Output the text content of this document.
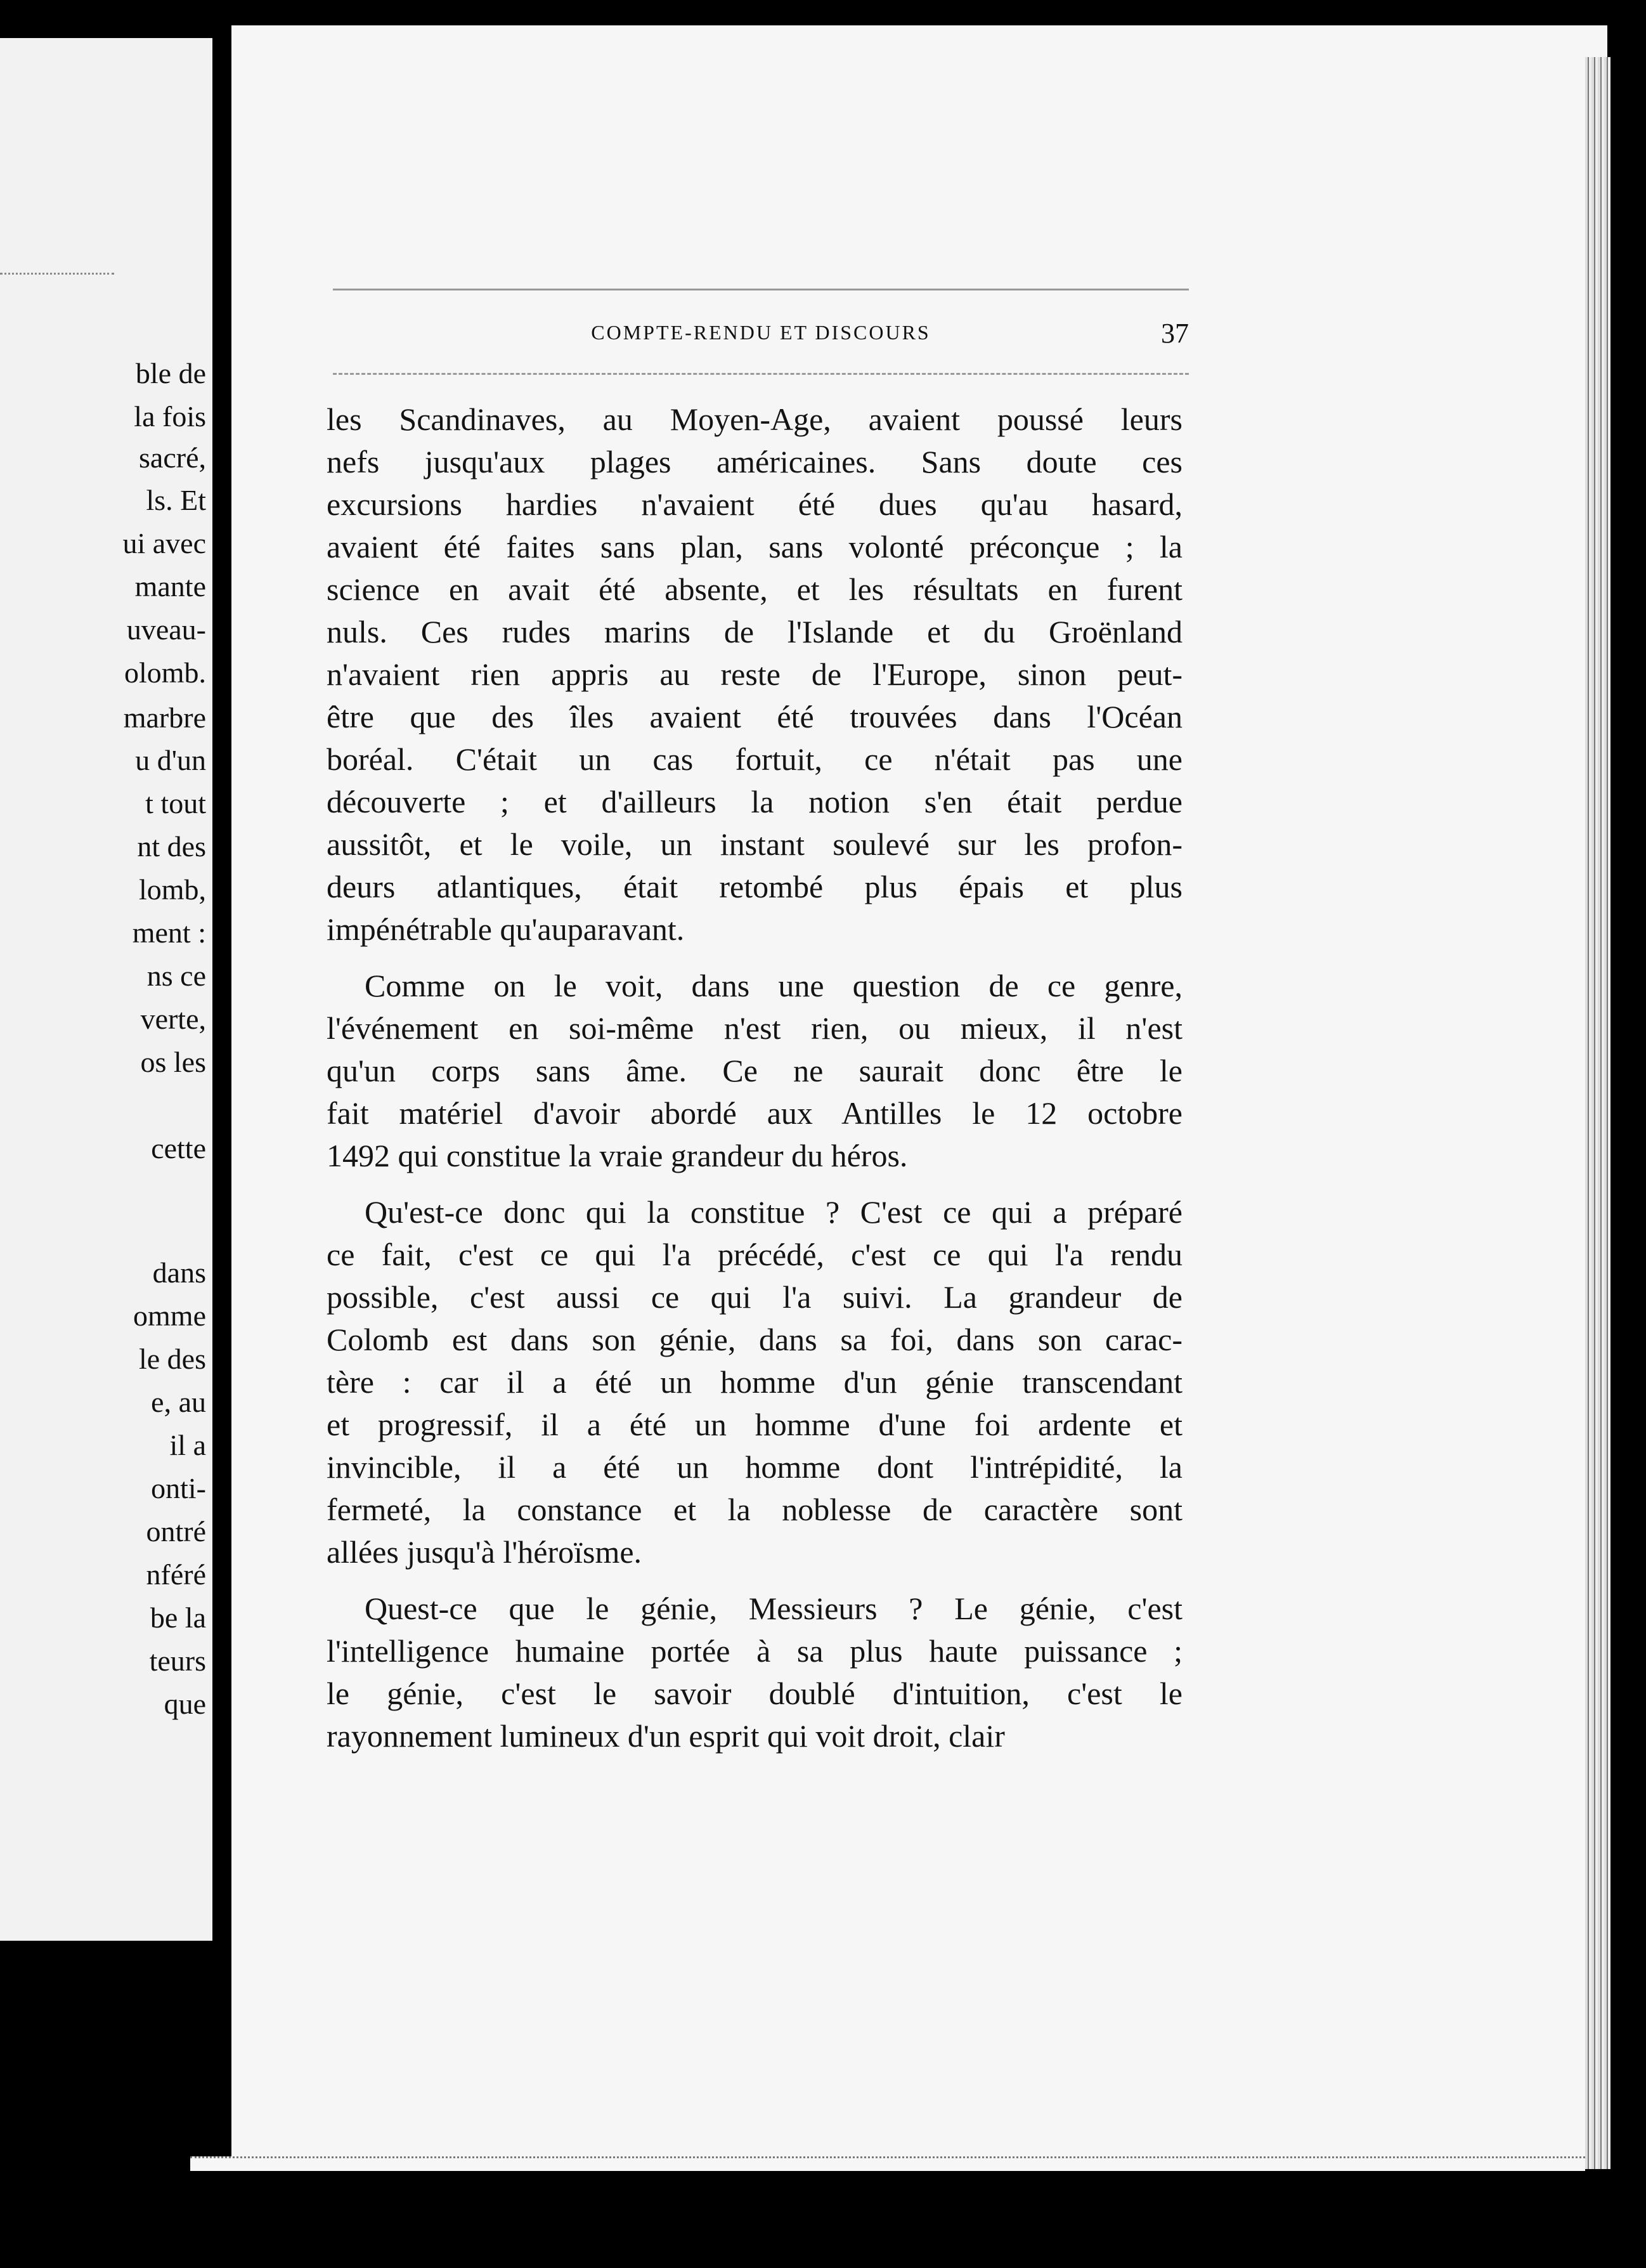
ble de
la fois
sacré,
ls. Et
ui avec
mante
uveau-
olomb.
marbre
u d'un
t tout
nt des
lomb,
ment :
ns ce
verte,
os les
cette
dans
omme
le des
e, au
il a
onti-
ontré
nféré
be la
teurs
que
COMPTE-RENDU ET DISCOURS	37
les Scandinaves, au Moyen-Age, avaient poussé leurs
nefs jusqu'aux plages américaines. Sans doute ces
excursions hardies n'avaient été dues qu'au hasard,
avaient été faites sans plan, sans volonté préconçue ; la
science en avait été absente, et les résultats en furent
nuls. Ces rudes marins de l'Islande et du Groënland
n'avaient rien appris au reste de l'Europe, sinon peut-
être que des îles avaient été trouvées dans l'Océan
boréal. C'était un cas fortuit, ce n'était pas une
découverte ; et d'ailleurs la notion s'en était perdue
aussitôt, et le voile, un instant soulevé sur les profon-
deurs atlantiques, était retombé plus épais et plus
impénétrable qu'auparavant.
Comme on le voit, dans une question de ce genre,
l'événement en soi-même n'est rien, ou mieux, il n'est
qu'un corps sans âme. Ce ne saurait donc être le
fait matériel d'avoir abordé aux Antilles le 12 octobre
1492 qui constitue la vraie grandeur du héros.
Qu'est-ce donc qui la constitue ? C'est ce qui a préparé
ce fait, c'est ce qui l'a précédé, c'est ce qui l'a rendu
possible, c'est aussi ce qui l'a suivi. La grandeur de
Colomb est dans son génie, dans sa foi, dans son carac-
tère : car il a été un homme d'un génie transcendant
et progressif, il a été un homme d'une foi ardente et
invincible, il a été un homme dont l'intrépidité, la
fermeté, la constance et la noblesse de caractère sont
allées jusqu'à l'héroïsme.
Quest-ce que le génie, Messieurs ? Le génie, c'est
l'intelligence humaine portée à sa plus haute puissance ;
le génie, c'est le savoir doublé d'intuition, c'est le
rayonnement lumineux d'un esprit qui voit droit, clair
